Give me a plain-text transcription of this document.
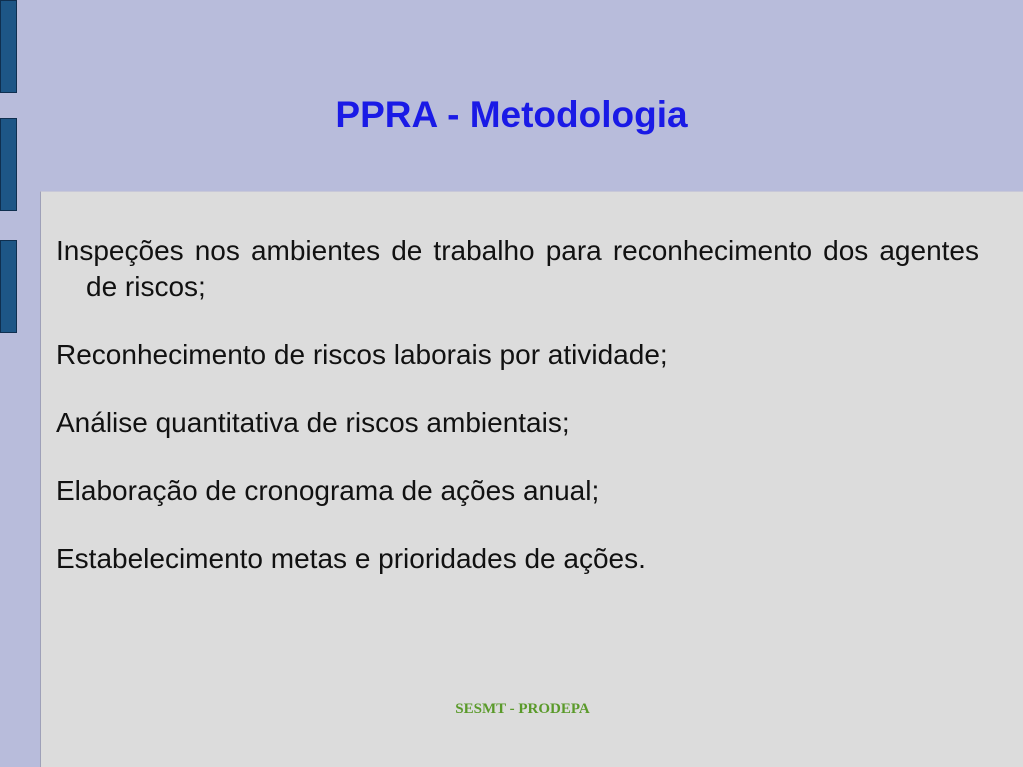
PPRA - Metodologia
Inspeções nos ambientes de trabalho para reconhecimento dos agentes de riscos;
Reconhecimento de riscos laborais por atividade;
Análise quantitativa de riscos ambientais;
Elaboração de cronograma de ações anual;
Estabelecimento metas e prioridades de ações.
SESMT - PRODEPA
